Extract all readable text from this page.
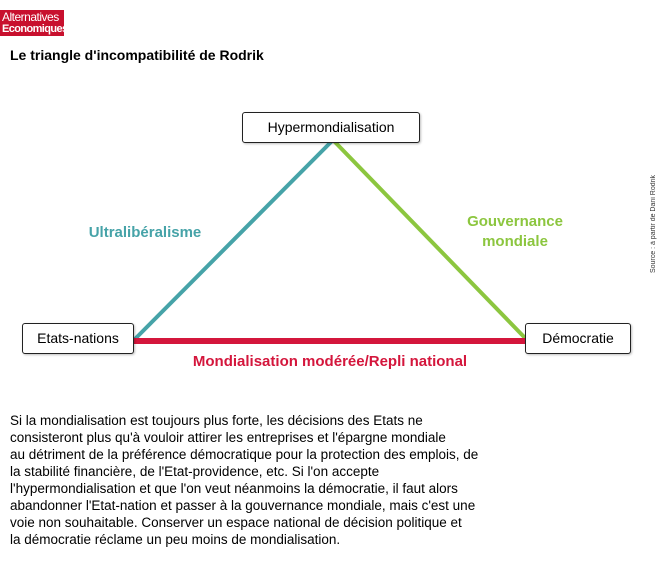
Alternatives
Economiques
Le triangle d'incompatibilité de Rodrik
Hypermondialisation
Etats-nations	Démocratie
Ultralibéralisme
Gouvernance
mondiale
Mondialisation modérée/Repli national
Source : à partir de Dani Rodrik
Si la mondialisation est toujours plus forte, les décisions des Etats ne
consisteront plus qu'à vouloir attirer les entreprises et l'épargne mondiale
au détriment de la préférence démocratique pour la protection des emplois, de
la stabilité financière, de l'Etat-providence, etc. Si l'on accepte
l'hypermondialisation et que l'on veut néanmoins la démocratie, il faut alors
abandonner l'Etat-nation et passer à la gouvernance mondiale, mais c'est une
voie non souhaitable. Conserver un espace national de décision politique et
la démocratie réclame un peu moins de mondialisation.
